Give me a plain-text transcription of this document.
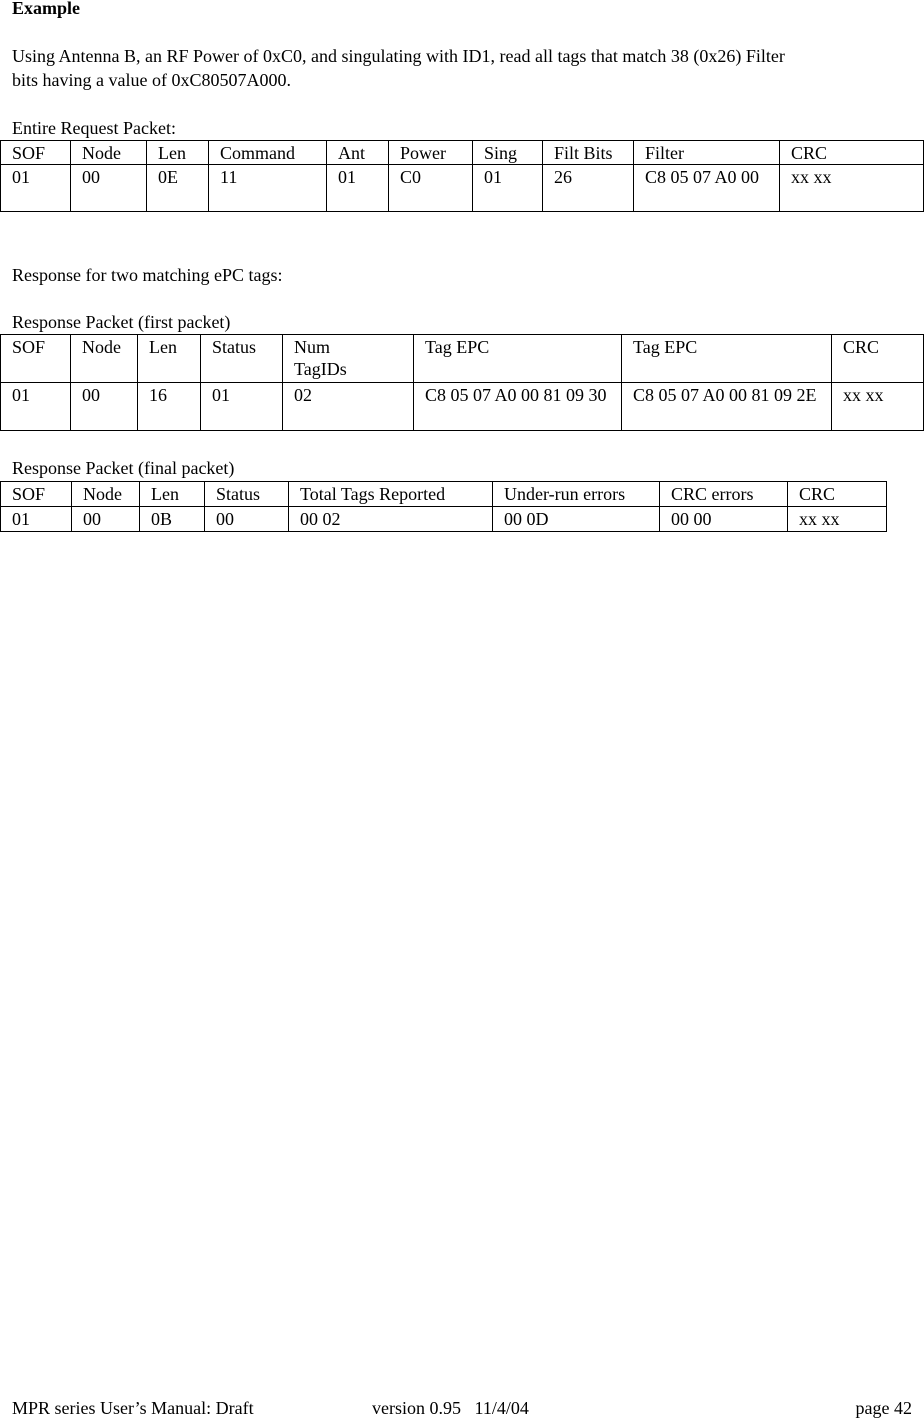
Example
Using Antenna B, an RF Power of 0xC0, and singulating with ID1, read all tags that match 38 (0x26) Filter
bits having a value of 0xC80507A000.
Entire Request Packet:
SOF	Node	Len	Command	Ant	Power	Sing	Filt Bits	Filter	CRC
01	00	0E	11	01	C0	01	26	C8 05 07 A0 00	xx xx
Response for two matching ePC tags:
Response Packet (first packet)
SOF	Node	Len	Status	Num TagIDs	Tag EPC	Tag EPC	CRC
01	00	16	01	02	C8 05 07 A0 00 81 09 30	C8 05 07 A0 00 81 09 2E	xx xx
Response Packet (final packet)
SOF	Node	Len	Status	Total Tags Reported	Under-run errors	CRC errors	CRC
01	00	0B	00	00 02	00 0D	00 00	xx xx
MPR series User’s Manual: Draft	version 0.95   11/4/04	page 42
